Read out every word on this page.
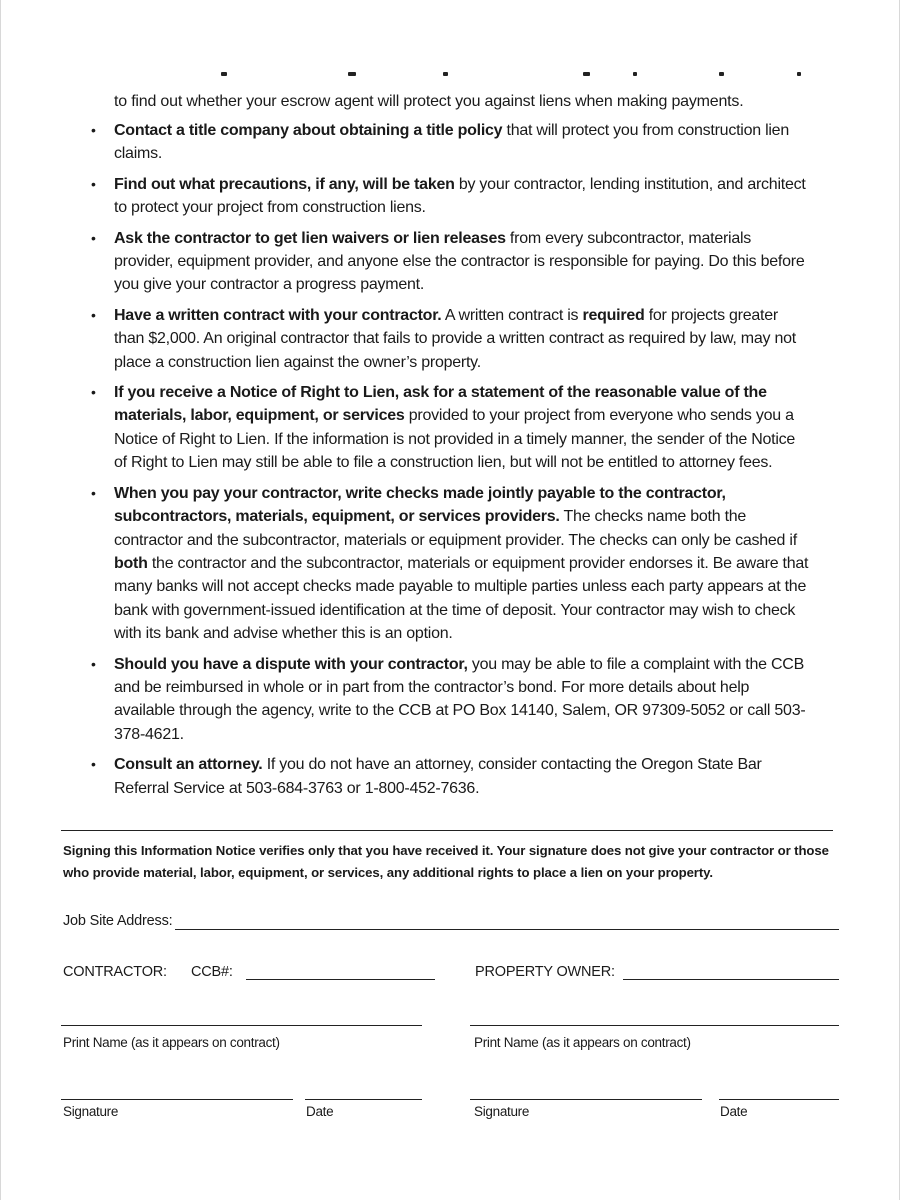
to find out whether your escrow agent will protect you against liens when making payments.
• Contact a title company about obtaining a title policy that will protect you from construction lien claims.
• Find out what precautions, if any, will be taken by your contractor, lending institution, and architect to protect your project from construction liens.
• Ask the contractor to get lien waivers or lien releases from every subcontractor, materials provider, equipment provider, and anyone else the contractor is responsible for paying. Do this before you give your contractor a progress payment.
• Have a written contract with your contractor. A written contract is required for projects greater than $2,000. An original contractor that fails to provide a written contract as required by law, may not place a construction lien against the owner’s property.
• If you receive a Notice of Right to Lien, ask for a statement of the reasonable value of the materials, labor, equipment, or services provided to your project from everyone who sends you a Notice of Right to Lien. If the information is not provided in a timely manner, the sender of the Notice of Right to Lien may still be able to file a construction lien, but will not be entitled to attorney fees.
• When you pay your contractor, write checks made jointly payable to the contractor, subcontractors, materials, equipment, or services providers. The checks name both the contractor and the subcontractor, materials or equipment provider. The checks can only be cashed if both the contractor and the subcontractor, materials or equipment provider endorses it. Be aware that many banks will not accept checks made payable to multiple parties unless each party appears at the bank with government-issued identification at the time of deposit. Your contractor may wish to check with its bank and advise whether this is an option.
• Should you have a dispute with your contractor, you may be able to file a complaint with the CCB and be reimbursed in whole or in part from the contractor’s bond. For more details about help available through the agency, write to the CCB at PO Box 14140, Salem, OR 97309-5052 or call 503-378-4621.
• Consult an attorney. If you do not have an attorney, consider contacting the Oregon State Bar Referral Service at 503-684-3763 or 1-800-452-7636.
Signing this Information Notice verifies only that you have received it. Your signature does not give your contractor or those who provide material, labor, equipment, or services, any additional rights to place a lien on your property.
Job Site Address:
CONTRACTOR: CCB#:	PROPERTY OWNER:
Print Name (as it appears on contract)	Print Name (as it appears on contract)
Signature	Date	Signature	Date
